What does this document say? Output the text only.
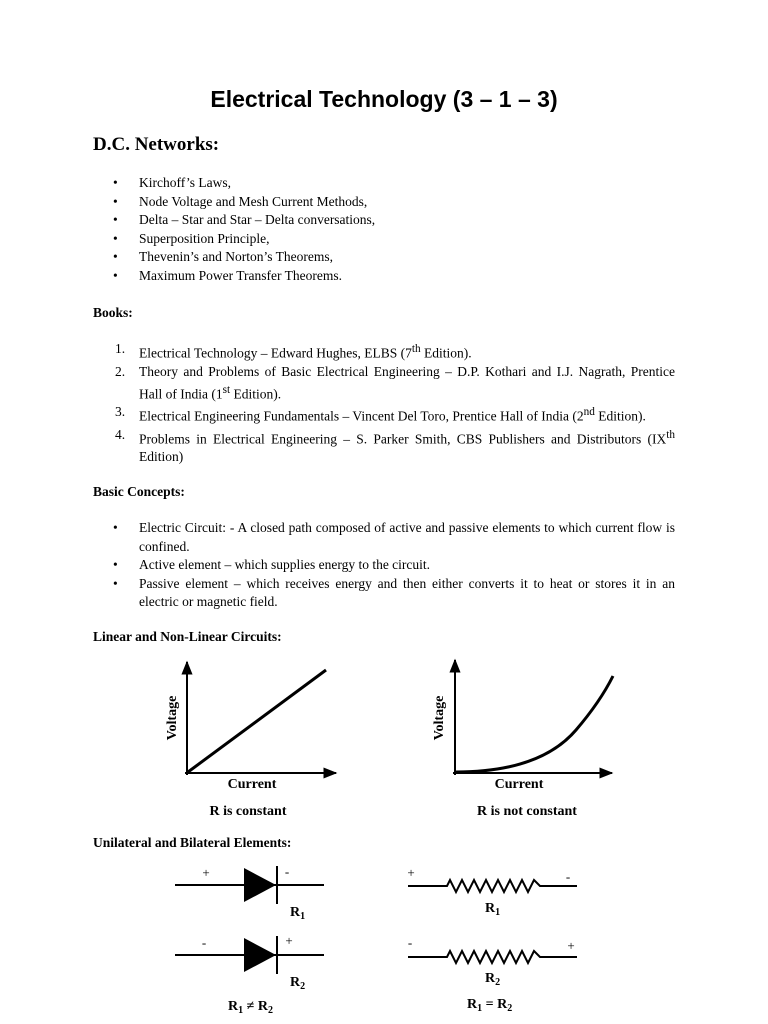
Electrical Technology (3 – 1 – 3)
D.C. Networks:
• Kirchoff’s Laws,
• Node Voltage and Mesh Current Methods,
• Delta – Star and Star – Delta conversations,
• Superposition Principle,
• Thevenin’s and Norton’s Theorems,
• Maximum Power Transfer Theorems.
Books:
1. Electrical Technology – Edward Hughes, ELBS (7th Edition).
2. Theory and Problems of Basic Electrical Engineering – D.P. Kothari and I.J. Nagrath, Prentice Hall of India (1st Edition).
3. Electrical Engineering Fundamentals – Vincent Del Toro, Prentice Hall of India (2nd Edition).
4. Problems in Electrical Engineering – S. Parker Smith, CBS Publishers and Distributors (IXth Edition)
Basic Concepts:
• Electric Circuit: - A closed path composed of active and passive elements to which current flow is confined.
• Active element – which supplies energy to the circuit.
• Passive element – which receives energy and then either converts it to heat or stores it in an electric or magnetic field.
Linear and Non-Linear Circuits:
Voltage
Current
R is constant
Voltage
Current
R is not constant
+	-
$R_1$
-	+
$R_2$
$R_1 \ne R_2$
+	-
$R_1$
-	+
$R_2$
$R_1 = R_2$
Unilateral and Bilateral Elements:
